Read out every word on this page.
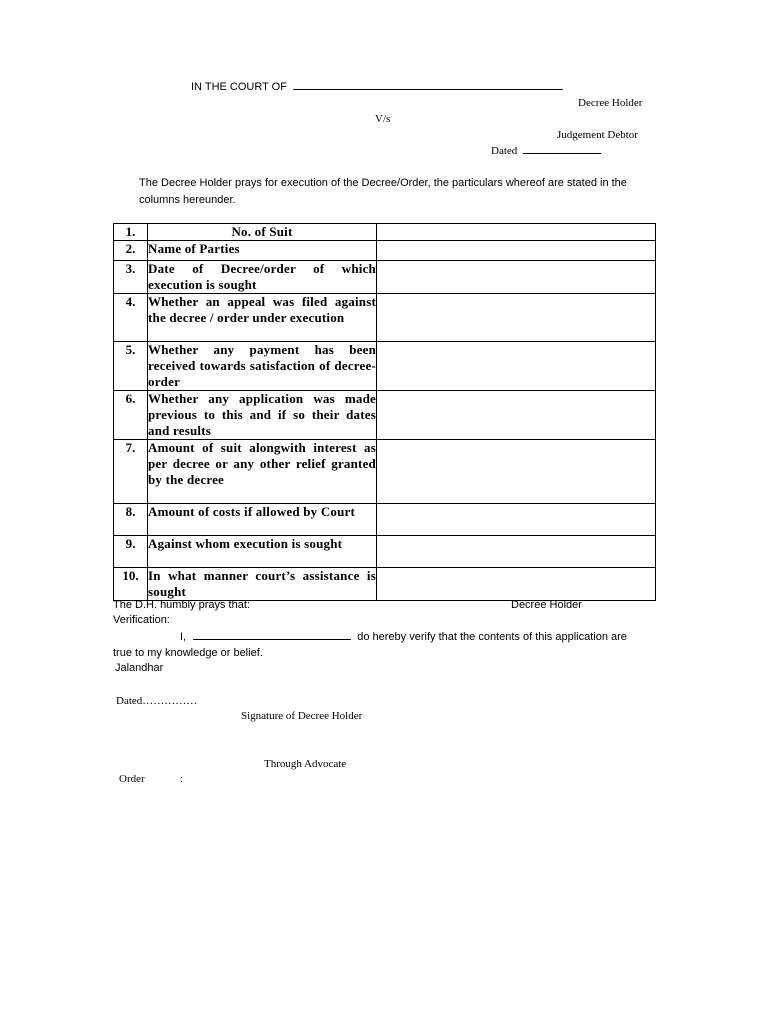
IN THE COURT OF
Decree Holder
V/s
Judgement Debtor
Dated
The Decree Holder prays for execution of the Decree/Order, the particulars whereof are stated in the columns hereunder.
1.	No. of Suit	
2.	Name of Parties	
3.	Date of Decree/order of which execution is sought	
4.	Whether an appeal was filed against the decree / order under execution	
5.	Whether any payment has been received towards satisfaction of decree-order	
6.	Whether any application was made previous to this and if so their dates and results	
7.	Amount of suit alongwith interest as per decree or any other relief granted by the decree	
8.	Amount of costs if allowed by Court	
9.	Against whom execution is sought	
10.	In what manner court’s assistance is sought	
The D.H. humbly prays that:	Decree Holder
Verification:
I,	do hereby verify that the contents of this application are
true to my knowledge or belief.
Jalandhar
Dated……………
Signature of Decree Holder
Through Advocate
Order	:
